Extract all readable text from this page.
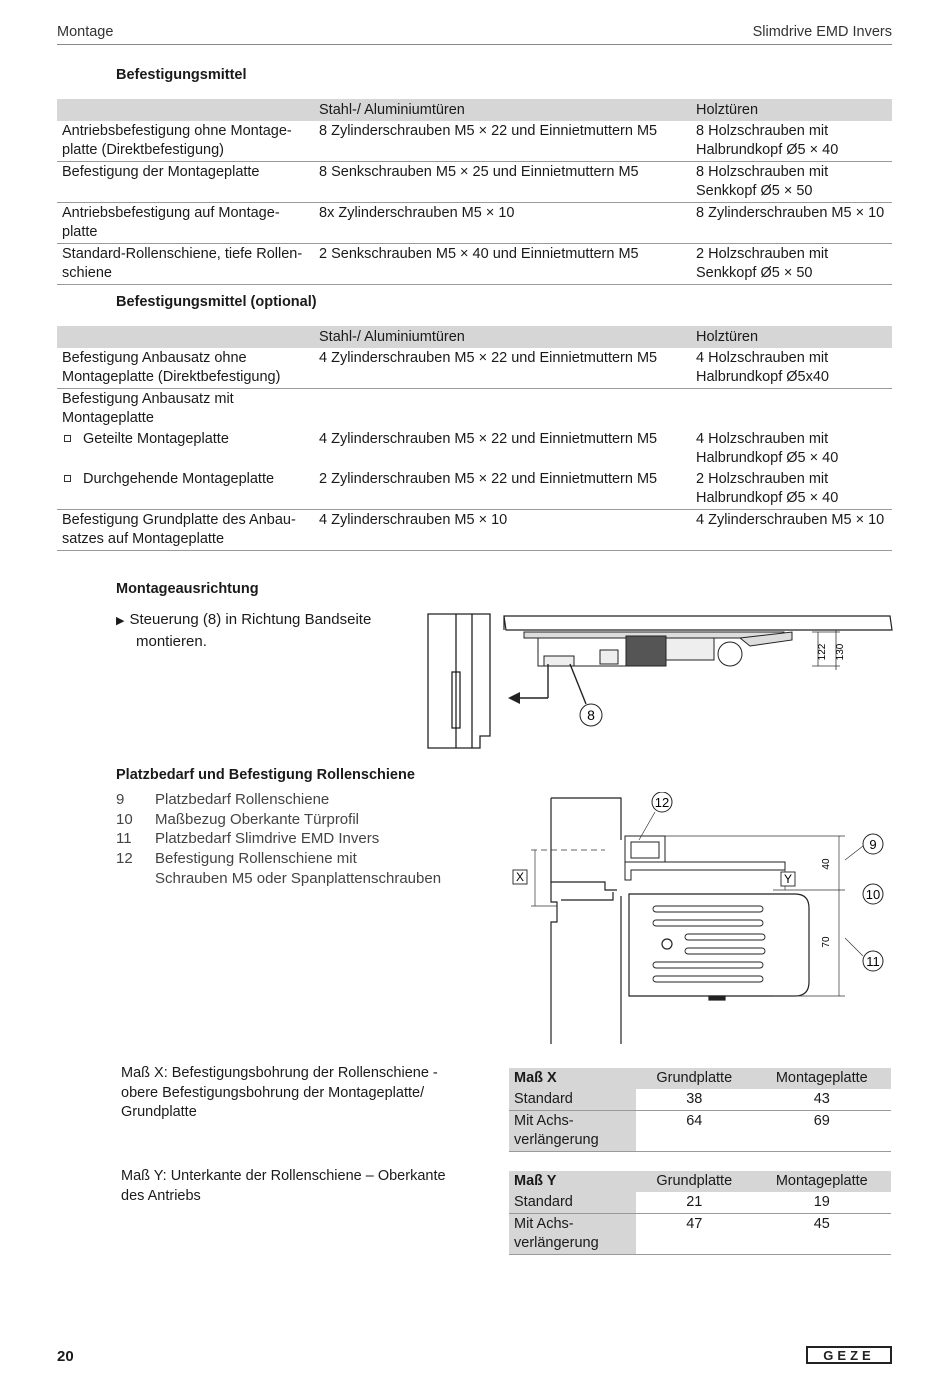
Montage	Slimdrive EMD Invers
Befestigungsmittel
	Stahl-/ Aluminiumtüren	Holztüren
Antriebsbefestigung ohne Montage-
platte (Direktbefestigung)	8 Zylinderschrauben M5 × 22 und Einnietmuttern M5	8 Holzschrauben mit
Halbrundkopf Ø5 × 40
Befestigung der Montageplatte	8 Senkschrauben M5 × 25 und Einnietmuttern M5	8 Holzschrauben mit
Senkkopf Ø5 × 50
Antriebsbefestigung auf Montage-
platte	8x Zylinderschrauben M5 × 10	8 Zylinderschrauben M5 × 10
Standard-Rollenschiene, tiefe Rollen-
schiene	2 Senkschrauben M5 × 40 und Einnietmuttern M5	2 Holzschrauben mit
Senkkopf Ø5 × 50
Befestigungsmittel (optional)
	Stahl-/ Aluminiumtüren	Holztüren
Befestigung Anbausatz ohne
Montageplatte (Direktbefestigung)	4 Zylinderschrauben M5 × 22 und Einnietmuttern M5	4 Holzschrauben mit
Halbrundkopf Ø5x40
Befestigung Anbausatz mit
Montageplatte		
Geteilte Montageplatte	4 Zylinderschrauben M5 × 22 und Einnietmuttern M5	4 Holzschrauben mit
Halbrundkopf Ø5 × 40
Durchgehende Montageplatte	2 Zylinderschrauben M5 × 22 und Einnietmuttern M5	2 Holzschrauben mit
Halbrundkopf Ø5 × 40
Befestigung Grundplatte des Anbau-
satzes auf Montageplatte	4 Zylinderschrauben M5 × 10	4 Zylinderschrauben M5 × 10
Montageausrichtung
▶ Steuerung (8) in Richtung Bandseite
montieren.
122 130
8
Platzbedarf und Befestigung Rollenschiene
9 Platzbedarf Rollenschiene
10 Maßbezug Oberkante Türprofil
11 Platzbedarf Slimdrive EMD Invers
12 Befestigung Rollenschiene mit
Schrauben M5 oder Spanplattenschrauben	X	Y
40
70
12
9
10
11
Maß X: Befestigungsbohrung der Rollenschiene -
obere Befestigungsbohrung der Montageplatte/
Grundplatte
Maß X	Grundplatte	Montageplatte
Standard	38	43
Mit Achs-
verlängerung	64	69
Maß Y: Unterkante der Rollenschiene – Oberkante
des Antriebs
Maß Y	Grundplatte	Montageplatte
Standard	21	19
Mit Achs-
verlängerung	47	45
20	GEZE
